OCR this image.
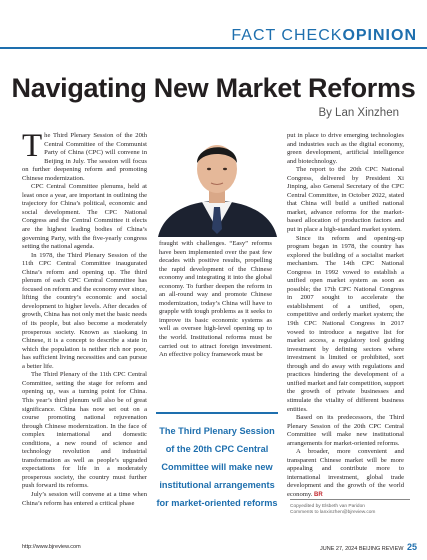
FACT CHECKOPINION
Navigating New Market Reforms
By Lan Xinzhen

The Third Plenary Session of the 20th Central Committee of the Communist Party of China (CPC) will convene in Beijing in July. The session will focus on further deepening reform and promoting Chinese modernization.

CPC Central Committee plenums, held at least once a year, are important in outlining the trajectory for China’s political, economic and social development. The CPC National Congress and the Central Committee it elects are the highest leading bodies of China’s governing Party, with the five-yearly congress setting the national agenda.

In 1978, the Third Plenary Session of the 11th CPC Central Committee inaugurated China’s reform and opening up. The third plenum of each CPC Central Committee has focused on reform and the economy ever since, lifting the country’s economic and social development to higher levels. After decades of growth, China has not only met the basic needs of its people, but also become a moderately prosperous society. Known as xiaokang in Chinese, it is a concept to describe a state in which the population is neither rich nor poor, has sufficient living necessities and can pursue a better life.

The Third Plenary of the 11th CPC Central Committee, setting the stage for reform and opening up, was a turning point for China. This year’s third plenum will also be of great significance. China has now set out on a course promoting national rejuvenation through Chinese modernization. In the face of complex international and domestic conditions, a new round of science and technology revolution and industrial transformation as well as people’s upgraded expectations for life in a moderately prosperous society, the country must further push forward its reforms.

July’s session will convene at a time when China’s reform has entered a critical phase

fraught with challenges. “Easy” reforms have been implemented over the past few decades with positive results, propelling the rapid development of the Chinese economy and integrating it into the global economy. To further deepen the reform in an all-round way and promote Chinese modernization, today’s China will have to grapple with tough problems as it seeks to improve its basic economic systems as well as oversee high-level opening up to the world. Institutional reforms must be carried out to attract foreign investment. An effective policy framework must be

The Third Plenary Session of the 20th CPC Central Committee will make new institutional arrangements for market-oriented reforms

put in place to drive emerging technologies and industries such as the digital economy, green development, artificial intelligence and biotechnology.

The report to the 20th CPC National Congress, delivered by President Xi Jinping, also General Secretary of the CPC Central Committee, in October 2022, stated that China will build a unified national market, advance reforms for the market-based allocation of production factors and put in place a high-standard market system.

Since its reform and opening-up program began in 1978, the country has explored the building of a socialist market mechanism. The 14th CPC National Congress in 1992 vowed to establish a unified open market system as soon as possible; the 17th CPC National Congress in 2007 sought to accelerate the establishment of a unified, open, competitive and orderly market system; the 19th CPC National Congress in 2017 vowed to introduce a negative list for market access, a regulatory tool guiding investment by defining sectors where investment is limited or prohibited, sort through and do away with regulations and practices hindering the development of a unified market and fair competition, support the growth of private businesses and stimulate the vitality of different business entities.

Based on its predecessors, the Third Plenary Session of the 20th CPC Central Committee will make new institutional arrangements for market-oriented reforms.

A broader, more convenient and transparent Chinese market will be more appealing and contribute more to international investment, global trade development and the growth of the world economy. BR

Copyedited by Elsbeth van Paridon
Comments to lanxinzhen@bjreview.com
http://www.bjreview.com	JUNE 27, 2024 BEIJING REVIEW 25
